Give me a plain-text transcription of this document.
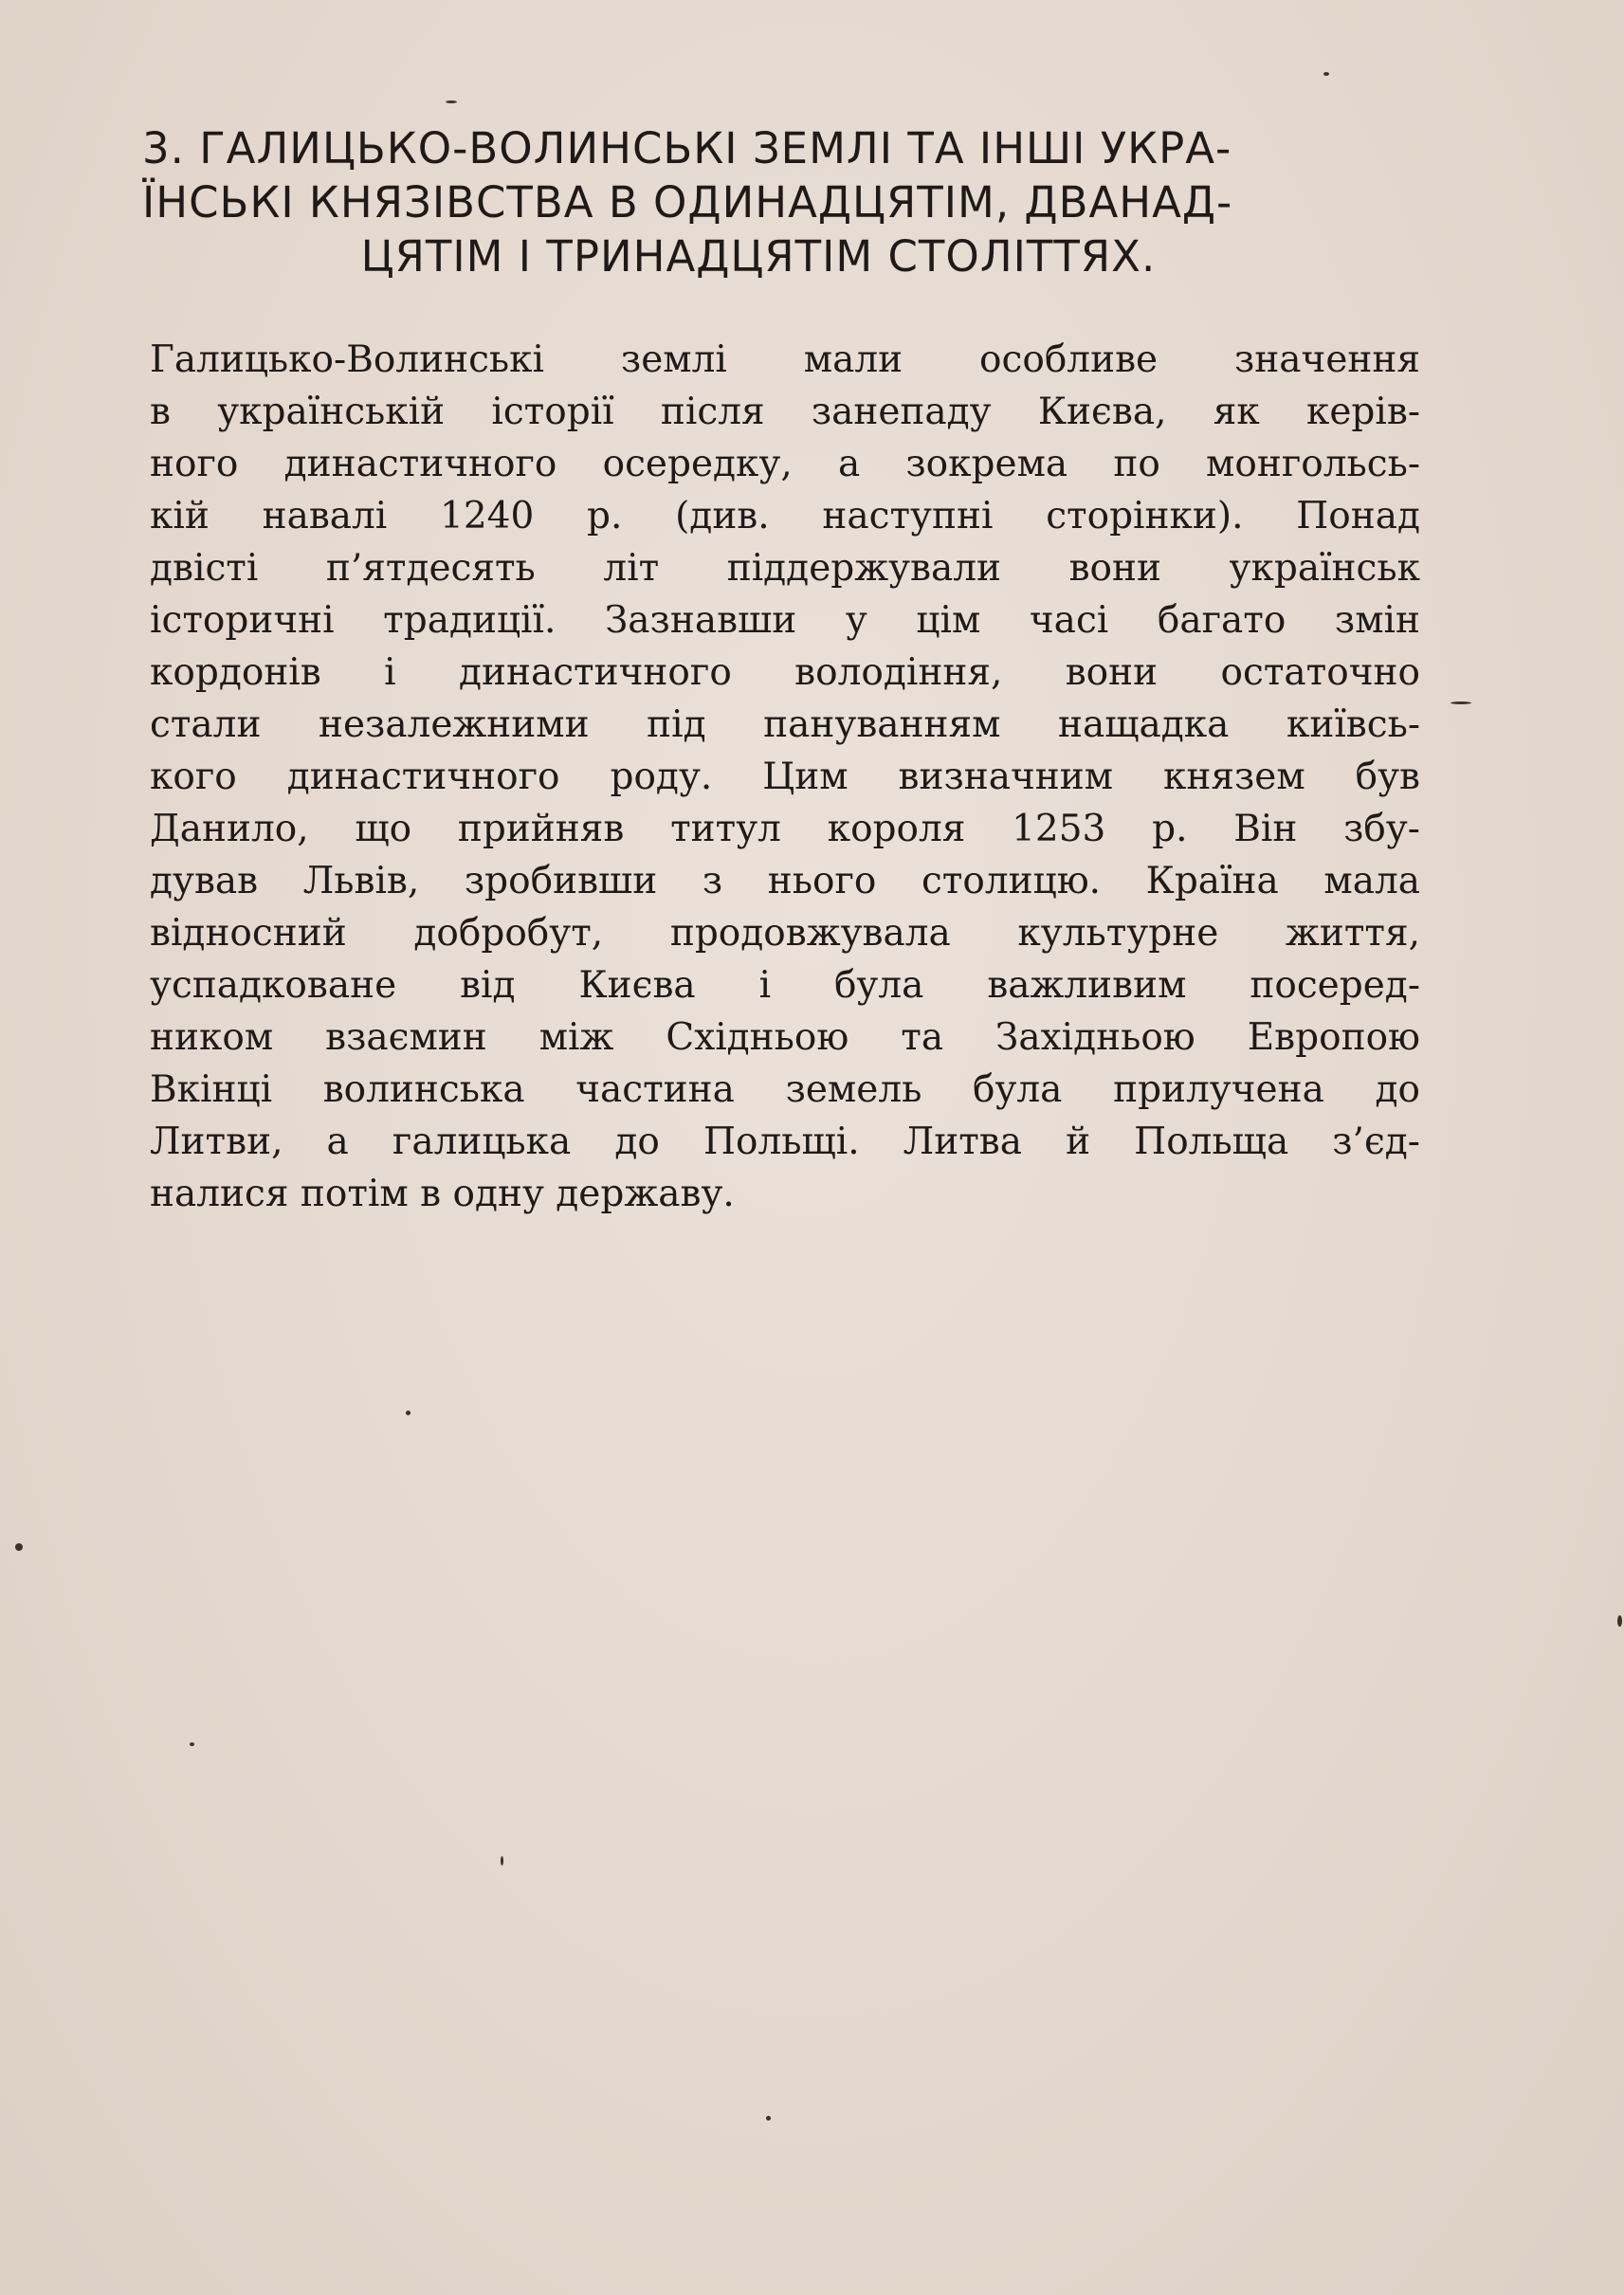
3. ГАЛИЦЬКО-ВОЛИНСЬКІ ЗЕМЛІ ТА ІНШІ УКРА-
ЇНСЬКІ КНЯЗІВСТВА В ОДИНАДЦЯТІМ, ДВАНАД-
ЦЯТІМ І ТРИНАДЦЯТІМ СТОЛІТТЯХ.
Галицько-Волинські землі мали особливе значення
в українській історії після занепаду Києва, як керів-
ного династичного осередку, а зокрема по монгольсь-
кій навалі 1240 р. (див. наступні сторінки). Понад
двісті п’ятдесять літ піддержували вони українськ
історичні традиції. Зазнавши у цім часі багато змін
кордонів і династичного володіння, вони остаточно
стали незалежними під пануванням нащадка київсь-
кого династичного роду. Цим визначним князем був
Данило, що прийняв титул короля 1253 р. Він збу-
дував Львів, зробивши з нього столицю. Країна мала
відносний добробут, продовжувала культурне життя,
успадковане від Києва і була важливим посеред-
ником взаємин між Східньою та Західньою Европою
Вкінці волинська частина земель була прилучена до
Литви, а галицька до Польщі. Литва й Польща з’єд-
налися потім в одну державу.
